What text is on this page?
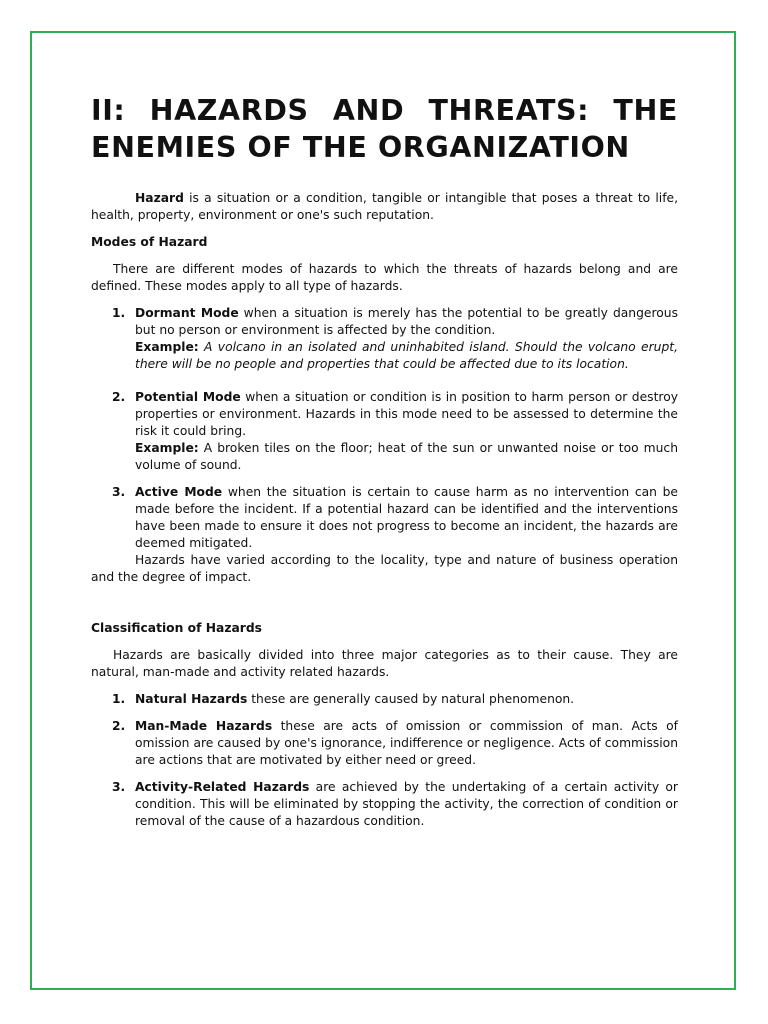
II: HAZARDS AND THREATS: THE ENEMIES OF THE ORGANIZATION

Hazard is a situation or a condition, tangible or intangible that poses a threat to life, health, property, environment or one's such reputation.

Modes of Hazard

There are different modes of hazards to which the threats of hazards belong and are defined. These modes apply to all type of hazards.

1. Dormant Mode when a situation is merely has the potential to be greatly dangerous but no person or environment is affected by the condition.
Example: A volcano in an isolated and uninhabited island. Should the volcano erupt, there will be no people and properties that could be affected due to its location.
2. Potential Mode when a situation or condition is in position to harm person or destroy properties or environment. Hazards in this mode need to be assessed to determine the risk it could bring.
Example: A broken tiles on the floor; heat of the sun or unwanted noise or too much volume of sound.
3. Active Mode when the situation is certain to cause harm as no intervention can be made before the incident. If a potential hazard can be identified and the interventions have been made to ensure it does not progress to become an incident, the hazards are deemed mitigated.
Hazards have varied according to the locality, type and nature of business operation and the degree of impact.

Classification of Hazards

Hazards are basically divided into three major categories as to their cause. They are natural, man-made and activity related hazards.

1. Natural Hazards these are generally caused by natural phenomenon.
2. Man-Made Hazards these are acts of omission or commission of man. Acts of omission are caused by one's ignorance, indifference or negligence. Acts of commission are actions that are motivated by either need or greed.
3. Activity-Related Hazards are achieved by the undertaking of a certain activity or condition. This will be eliminated by stopping the activity, the correction of condition or removal of the cause of a hazardous condition.
